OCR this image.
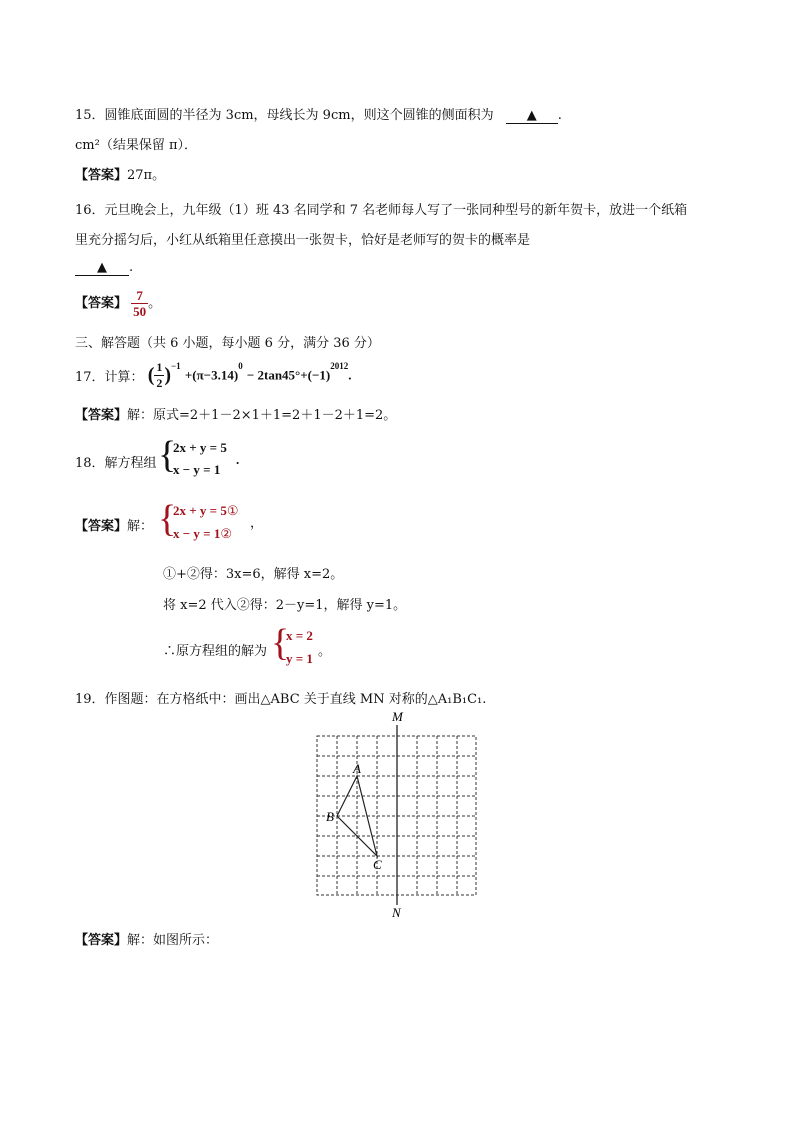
15．圆锥底面圆的半径为 3cm，母线长为 9cm，则这个圆锥的侧面积为	▲ .
cm²（结果保留 π）．
【答案】27π。
16．元旦晚会上，九年级（1）班 43 名同学和 7 名老师每人写了一张同种型号的新年贺卡，放进一个纸箱
里充分摇匀后，小红从纸箱里任意摸出一张贺卡，恰好是老师写的贺卡的概率是
▲ .
【答案】 $\frac{7}{50}$ 。
三、解答题（共 6 小题，每小题 6 分，满分 36 分）
17．计算： ( $\frac{1}{2} )^{-1} +(\pi-3.14)^0 - 2\tan 45^\circ+(-1)^{2012}$.
【答案】解：原式=2＋1－2×1＋1=2＋1－2＋1=2。
18．解方程组 {
2x + y = 5
x − y = 1
.
【答案】解： {
2x + y = 5①
x − y = 1②
，
①+②得：3x=6，解得 x=2。
将 x=2 代入②得：2－y=1，解得 y=1。
∴原方程组的解为 {
x = 2
y = 1 。
19．作图题：在方格纸中：画出△ABC 关于直线 MN 对称的△A₁B₁C₁.
M
N
A
B
C
【答案】解：如图所示：
